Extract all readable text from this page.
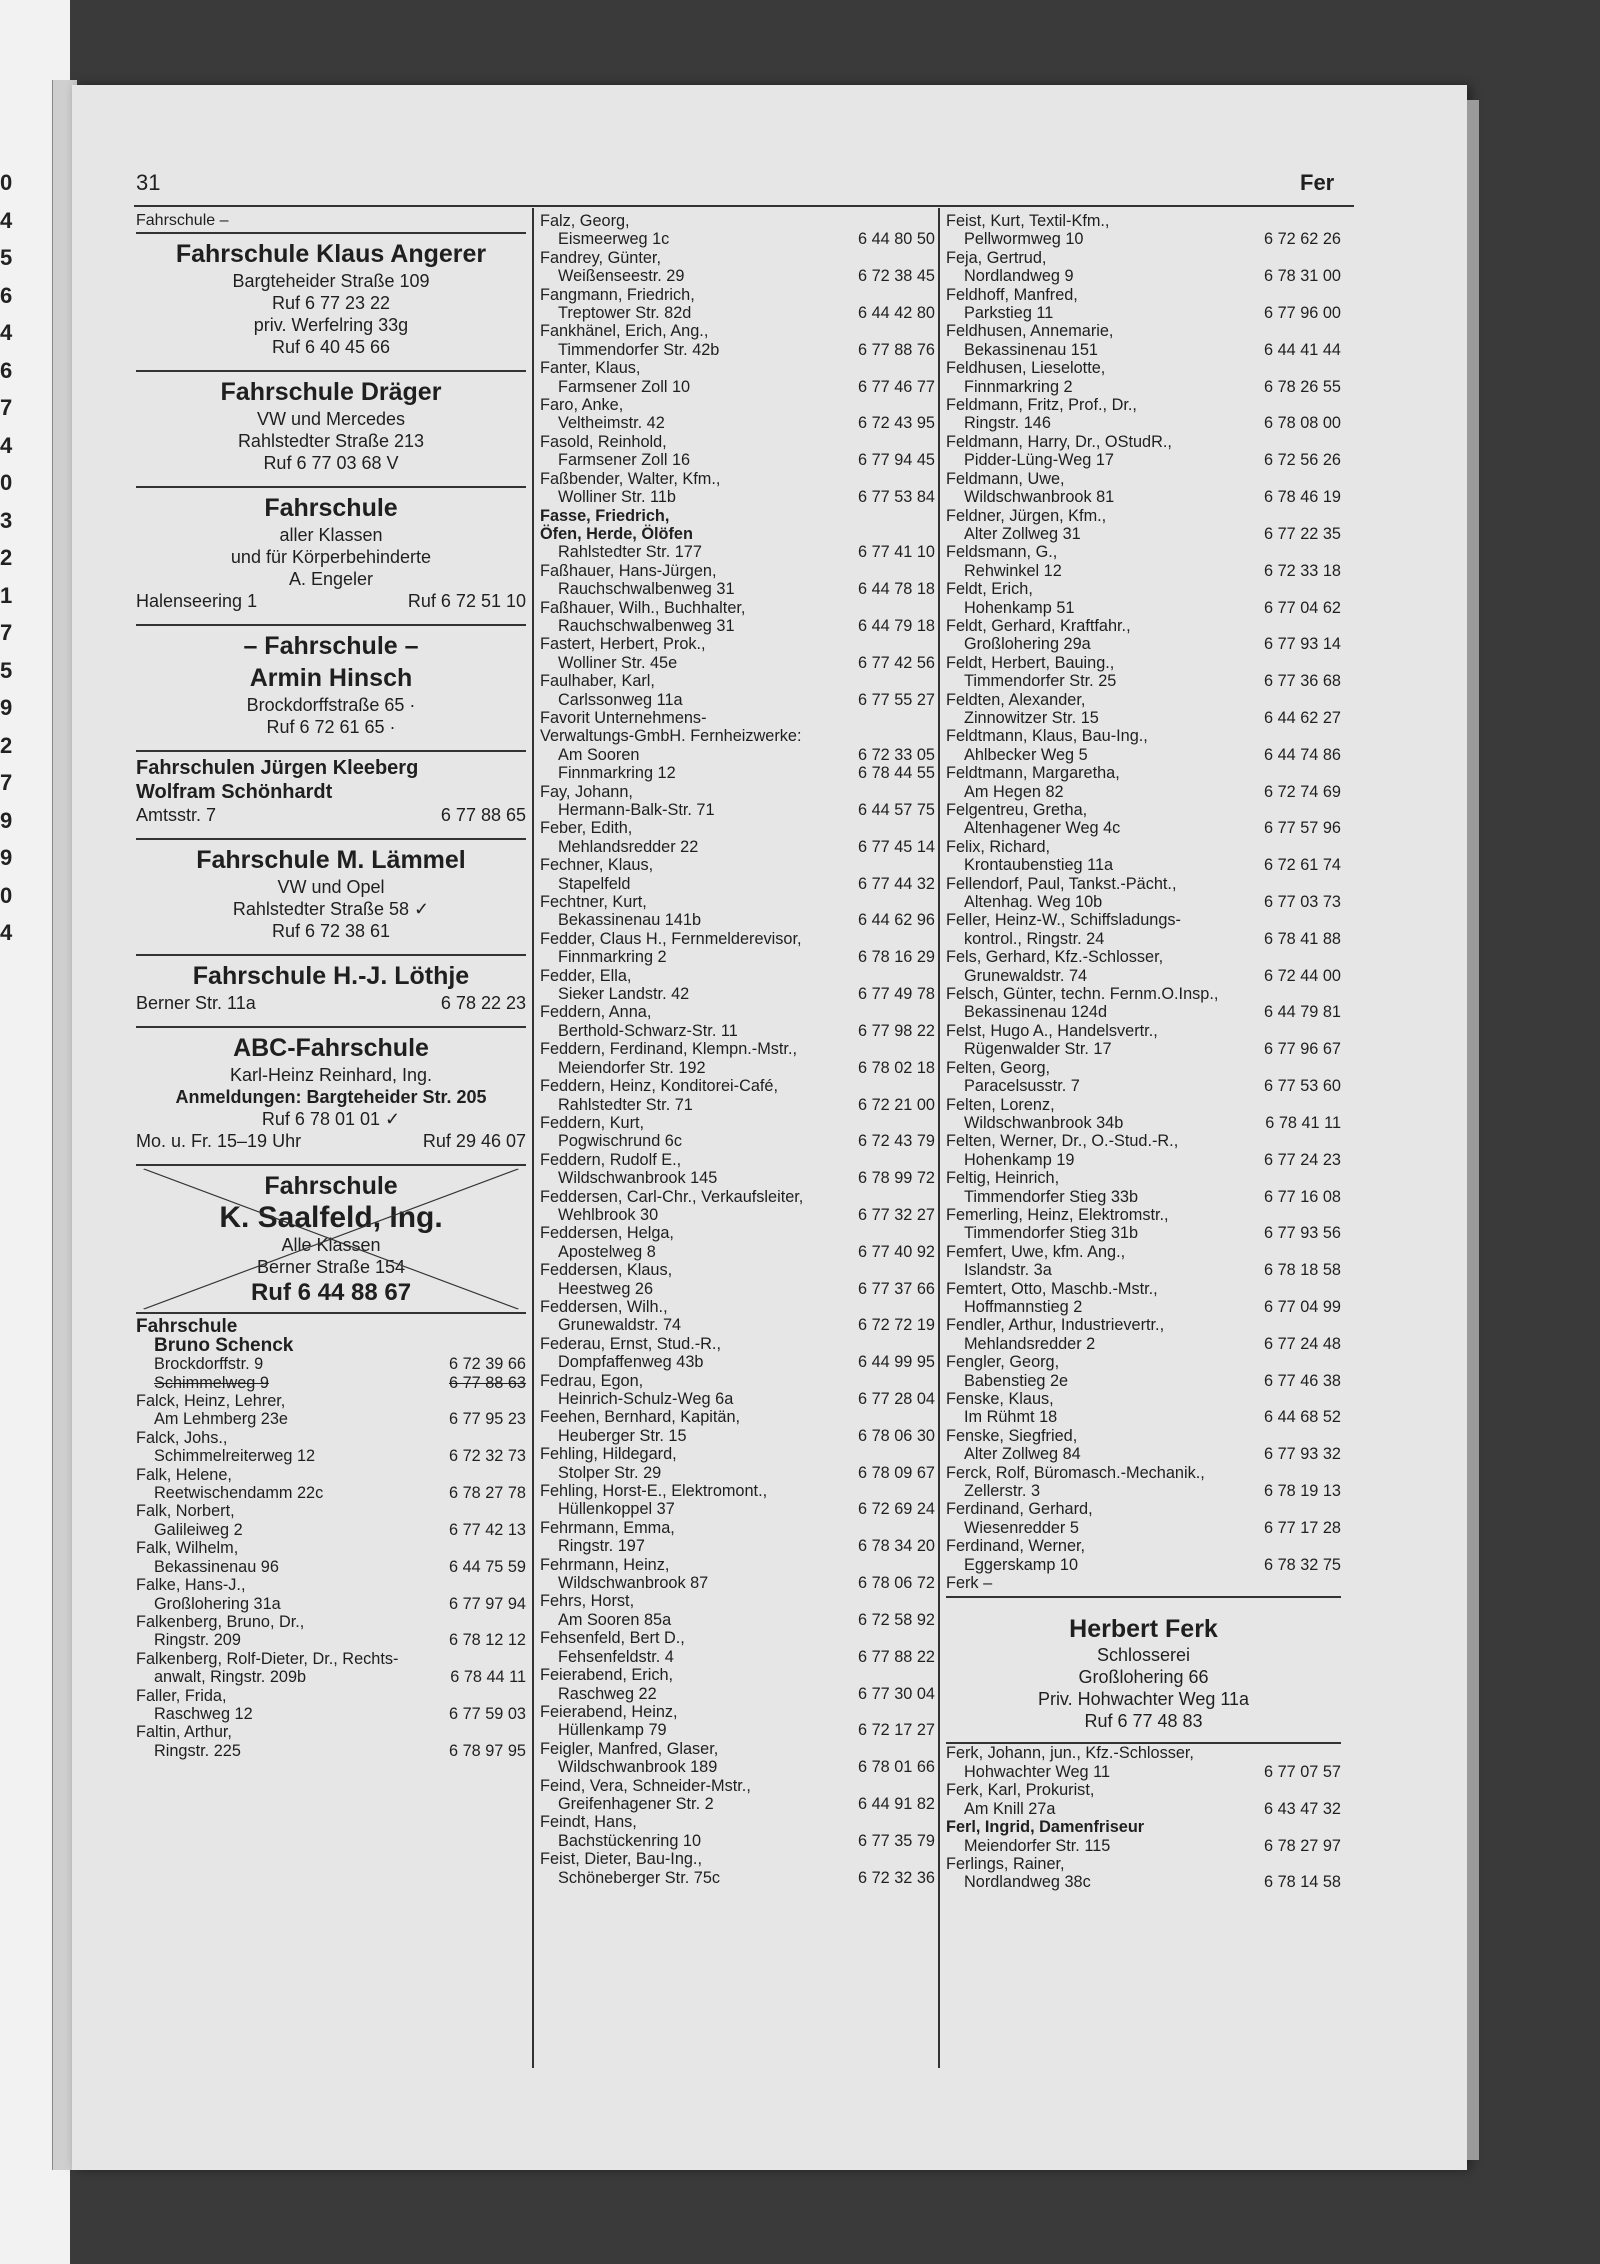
0
4
5
6
4
6
7
4
0
3
2
1
7
5
9
2
7
9
9
0
4
31	Fer
Fahrschule –
Fahrschule Klaus Angerer
Bargteheider Straße 109
Ruf 6 77 23 22
priv. Werfelring 33g
Ruf 6 40 45 66
Fahrschule Dräger
VW und Mercedes
Rahlstedter Straße 213
Ruf 6 77 03 68 V
Fahrschule
aller Klassen
und für Körperbehinderte
A. Engeler
Halenseering 1	Ruf 6 72 51 10
– Fahrschule –
Armin Hinsch
Brockdorffstraße 65 ·
Ruf 6 72 61 65 ·
Fahrschulen Jürgen Kleeberg
Wolfram Schönhardt
Amtsstr. 7	6 77 88 65
Fahrschule M. Lämmel
VW und Opel
Rahlstedter Straße 58 ✓
Ruf 6 72 38 61
Fahrschule H.-J. Löthje
Berner Str. 11a	6 78 22 23
ABC-Fahrschule
Karl-Heinz Reinhard, Ing.
Anmeldungen: Bargteheider Str. 205
Ruf 6 78 01 01 ✓
Mo. u. Fr. 15–19 Uhr	Ruf 29 46 07
Fahrschule
K. Saalfeld, Ing.
Alle Klassen
Berner Straße 154
Ruf 6 44 88 67
Fahrschule
Bruno Schenck
Brockdorffstr. 9	6 72 39 66
Schimmelweg 9	6 77 88 63
Falck, Heinz, Lehrer,
Am Lehmberg 23e	6 77 95 23
Falck, Johs.,
Schimmelreiterweg 12	6 72 32 73
Falk, Helene,
Reetwischendamm 22c	6 78 27 78
Falk, Norbert,
Galileiweg 2	6 77 42 13
Falk, Wilhelm,
Bekassinenau 96	6 44 75 59
Falke, Hans-J.,
Großlohering 31a	6 77 97 94
Falkenberg, Bruno, Dr.,
Ringstr. 209	6 78 12 12
Falkenberg, Rolf-Dieter, Dr., Rechts-
anwalt, Ringstr. 209b	6 78 44 11
Faller, Frida,
Raschweg 12	6 77 59 03
Faltin, Arthur,
Ringstr. 225	6 78 97 95
Falz, Georg,
Eismeerweg 1c	6 44 80 50
Fandrey, Günter,
Weißenseestr. 29	6 72 38 45
Fangmann, Friedrich,
Treptower Str. 82d	6 44 42 80
Fankhänel, Erich, Ang.,
Timmendorfer Str. 42b	6 77 88 76
Fanter, Klaus,
Farmsener Zoll 10	6 77 46 77
Faro, Anke,
Veltheimstr. 42	6 72 43 95
Fasold, Reinhold,
Farmsener Zoll 16	6 77 94 45
Faßbender, Walter, Kfm.,
Wolliner Str. 11b	6 77 53 84
Fasse, Friedrich,
Öfen, Herde, Ölöfen
Rahlstedter Str. 177	6 77 41 10
Faßhauer, Hans-Jürgen,
Rauchschwalbenweg 31	6 44 78 18
Faßhauer, Wilh., Buchhalter,
Rauchschwalbenweg 31	6 44 79 18
Fastert, Herbert, Prok.,
Wolliner Str. 45e	6 77 42 56
Faulhaber, Karl,
Carlssonweg 11a	6 77 55 27
Favorit Unternehmens-
Verwaltungs-GmbH. Fernheizwerke:
Am Sooren	6 72 33 05
Finnmarkring 12	6 78 44 55
Fay, Johann,
Hermann-Balk-Str. 71	6 44 57 75
Feber, Edith,
Mehlandsredder 22	6 77 45 14
Fechner, Klaus,
Stapelfeld	6 77 44 32
Fechtner, Kurt,
Bekassinenau 141b	6 44 62 96
Fedder, Claus H., Fernmelderevisor,
Finnmarkring 2	6 78 16 29
Fedder, Ella,
Sieker Landstr. 42	6 77 49 78
Feddern, Anna,
Berthold-Schwarz-Str. 11	6 77 98 22
Feddern, Ferdinand, Klempn.-Mstr.,
Meiendorfer Str. 192	6 78 02 18
Feddern, Heinz, Konditorei-Café,
Rahlstedter Str. 71	6 72 21 00
Feddern, Kurt,
Pogwischrund 6c	6 72 43 79
Feddern, Rudolf E.,
Wildschwanbrook 145	6 78 99 72
Feddersen, Carl-Chr., Verkaufsleiter,
Wehlbrook 30	6 77 32 27
Feddersen, Helga,
Apostelweg 8	6 77 40 92
Feddersen, Klaus,
Heestweg 26	6 77 37 66
Feddersen, Wilh.,
Grunewaldstr. 74	6 72 72 19
Federau, Ernst, Stud.-R.,
Dompfaffenweg 43b	6 44 99 95
Fedrau, Egon,
Heinrich-Schulz-Weg 6a	6 77 28 04
Feehen, Bernhard, Kapitän,
Heuberger Str. 15	6 78 06 30
Fehling, Hildegard,
Stolper Str. 29	6 78 09 67
Fehling, Horst-E., Elektromont.,
Hüllenkoppel 37	6 72 69 24
Fehrmann, Emma,
Ringstr. 197	6 78 34 20
Fehrmann, Heinz,
Wildschwanbrook 87	6 78 06 72
Fehrs, Horst,
Am Sooren 85a	6 72 58 92
Fehsenfeld, Bert D.,
Fehsenfeldstr. 4	6 77 88 22
Feierabend, Erich,
Raschweg 22	6 77 30 04
Feierabend, Heinz,
Hüllenkamp 79	6 72 17 27
Feigler, Manfred, Glaser,
Wildschwanbrook 189	6 78 01 66
Feind, Vera, Schneider-Mstr.,
Greifenhagener Str. 2	6 44 91 82
Feindt, Hans,
Bachstückenring 10	6 77 35 79
Feist, Dieter, Bau-Ing.,
Schöneberger Str. 75c	6 72 32 36
Feist, Kurt, Textil-Kfm.,
Pellwormweg 10	6 72 62 26
Feja, Gertrud,
Nordlandweg 9	6 78 31 00
Feldhoff, Manfred,
Parkstieg 11	6 77 96 00
Feldhusen, Annemarie,
Bekassinenau 151	6 44 41 44
Feldhusen, Lieselotte,
Finnmarkring 2	6 78 26 55
Feldmann, Fritz, Prof., Dr.,
Ringstr. 146	6 78 08 00
Feldmann, Harry, Dr., OStudR.,
Pidder-Lüng-Weg 17	6 72 56 26
Feldmann, Uwe,
Wildschwanbrook 81	6 78 46 19
Feldner, Jürgen, Kfm.,
Alter Zollweg 31	6 77 22 35
Feldsmann, G.,
Rehwinkel 12	6 72 33 18
Feldt, Erich,
Hohenkamp 51	6 77 04 62
Feldt, Gerhard, Kraftfahr.,
Großlohering 29a	6 77 93 14
Feldt, Herbert, Bauing.,
Timmendorfer Str. 25	6 77 36 68
Feldten, Alexander,
Zinnowitzer Str. 15	6 44 62 27
Feldtmann, Klaus, Bau-Ing.,
Ahlbecker Weg 5	6 44 74 86
Feldtmann, Margaretha,
Am Hegen 82	6 72 74 69
Felgentreu, Gretha,
Altenhagener Weg 4c	6 77 57 96
Felix, Richard,
Krontaubenstieg 11a	6 72 61 74
Fellendorf, Paul, Tankst.-Pächt.,
Altenhag. Weg 10b	6 77 03 73
Feller, Heinz-W., Schiffsladungs-
kontrol., Ringstr. 24	6 78 41 88
Fels, Gerhard, Kfz.-Schlosser,
Grunewaldstr. 74	6 72 44 00
Felsch, Günter, techn. Fernm.O.Insp.,
Bekassinenau 124d	6 44 79 81
Felst, Hugo A., Handelsvertr.,
Rügenwalder Str. 17	6 77 96 67
Felten, Georg,
Paracelsusstr. 7	6 77 53 60
Felten, Lorenz,
Wildschwanbrook 34b	6 78 41 11
Felten, Werner, Dr., O.-Stud.-R.,
Hohenkamp 19	6 77 24 23
Feltig, Heinrich,
Timmendorfer Stieg 33b	6 77 16 08
Femerling, Heinz, Elektromstr.,
Timmendorfer Stieg 31b	6 77 93 56
Femfert, Uwe, kfm. Ang.,
Islandstr. 3a	6 78 18 58
Femtert, Otto, Maschb.-Mstr.,
Hoffmannstieg 2	6 77 04 99
Fendler, Arthur, Industrievertr.,
Mehlandsredder 2	6 77 24 48
Fengler, Georg,
Babenstieg 2e	6 77 46 38
Fenske, Klaus,
Im Rühmt 18	6 44 68 52
Fenske, Siegfried,
Alter Zollweg 84	6 77 93 32
Ferck, Rolf, Büromasch.-Mechanik.,
Zellerstr. 3	6 78 19 13
Ferdinand, Gerhard,
Wiesenredder 5	6 77 17 28
Ferdinand, Werner,
Eggerskamp 10	6 78 32 75
Ferk –
Herbert Ferk
Schlosserei
Großlohering 66
Priv. Hohwachter Weg 11a
Ruf 6 77 48 83
Ferk, Johann, jun., Kfz.-Schlosser,
Hohwachter Weg 11	6 77 07 57
Ferk, Karl, Prokurist,
Am Knill 27a	6 43 47 32
Ferl, Ingrid, Damenfriseur
Meiendorfer Str. 115	6 78 27 97
Ferlings, Rainer,
Nordlandweg 38c	6 78 14 58
